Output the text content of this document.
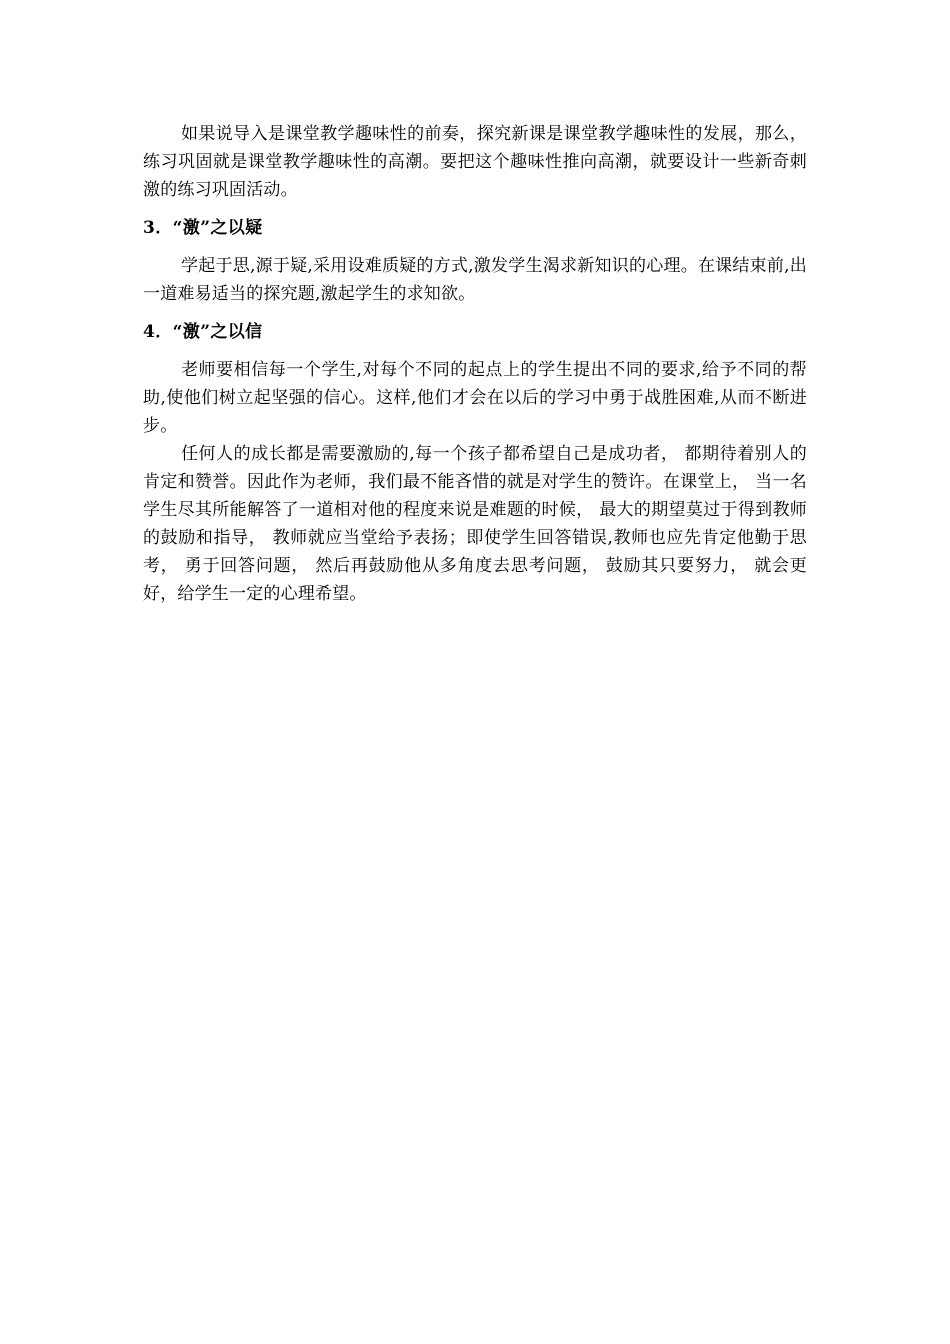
如果说导入是课堂教学趣味性的前奏，探究新课是课堂教学趣味性的发展，那么，练习巩固就是课堂教学趣味性的高潮。要把这个趣味性推向高潮，就要设计一些新奇刺激的练习巩固活动。

3．“激”之以疑

学起于思,源于疑,采用设难质疑的方式,激发学生渴求新知识的心理。在课结束前,出一道难易适当的探究题,激起学生的求知欲。

4．“激”之以信

老师要相信每一个学生,对每个不同的起点上的学生提出不同的要求,给予不同的帮助,使他们树立起坚强的信心。这样,他们才会在以后的学习中勇于战胜困难,从而不断进步。

任何人的成长都是需要激励的,每一个孩子都希望自己是成功者， 都期待着别人的肯定和赞誉。因此作为老师，我们最不能吝惜的就是对学生的赞许。在课堂上， 当一名学生尽其所能解答了一道相对他的程度来说是难题的时候， 最大的期望莫过于得到教师的鼓励和指导， 教师就应当堂给予表扬；即使学生回答错误,教师也应先肯定他勤于思考， 勇于回答问题， 然后再鼓励他从多角度去思考问题， 鼓励其只要努力， 就会更好，给学生一定的心理希望。
